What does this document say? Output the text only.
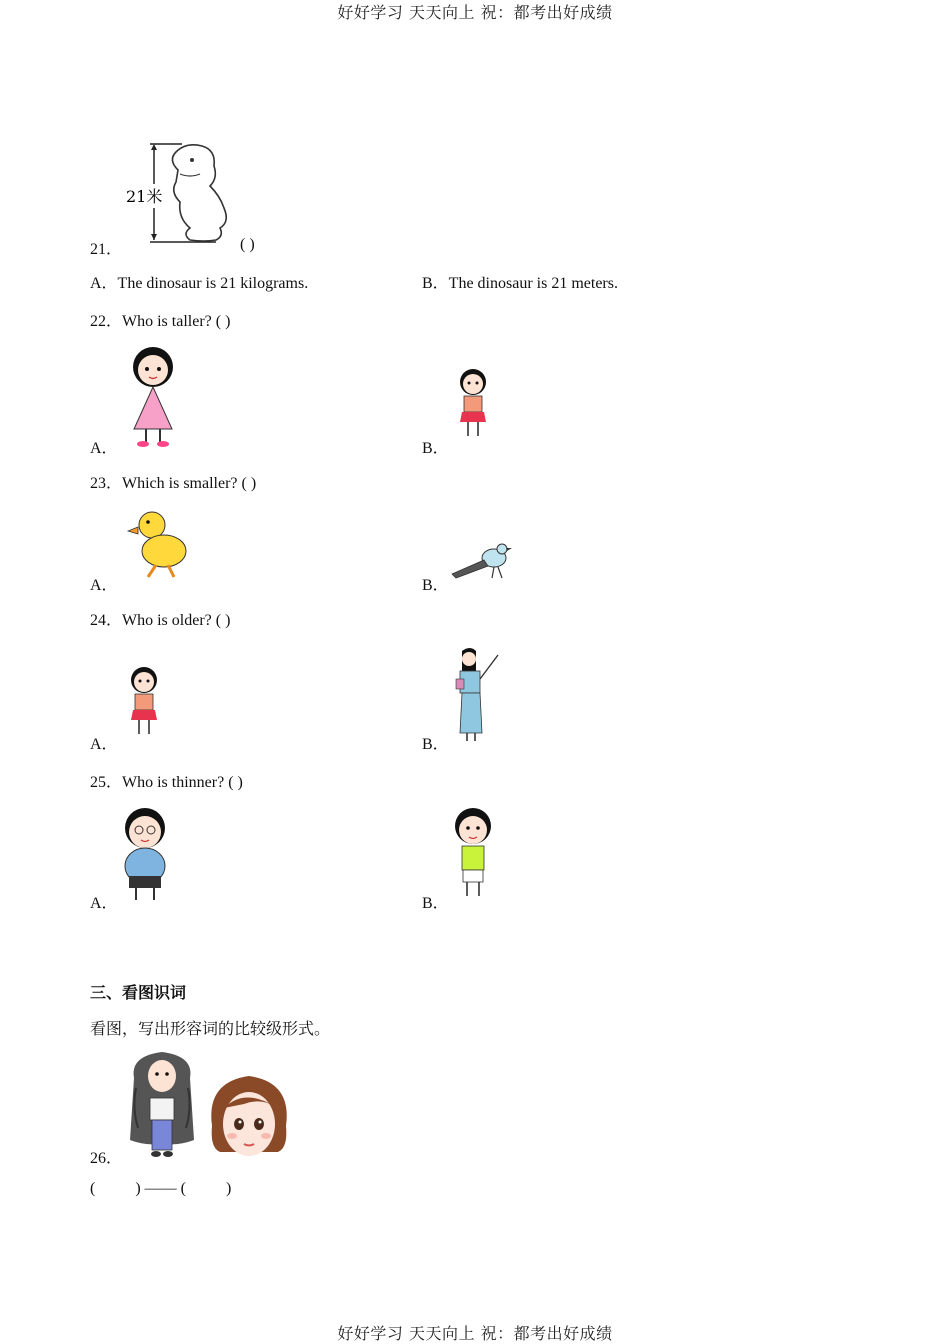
好好学习 天天向上 祝：都考出好成绩
好好学习 天天向上 祝：都考出好成绩
21．
21米
( )
A．The dinosaur is 21 kilograms.	B．The dinosaur is 21 meters.
22．Who is taller? ( )
A．	B．
23．Which is smaller? ( )
A．	B．
24．Who is older? ( )
A．	B．
25．Who is thinner? ( )
A．	B．
三、看图识词
看图，写出形容词的比较级形式。
26．
(          ) —— (          )
